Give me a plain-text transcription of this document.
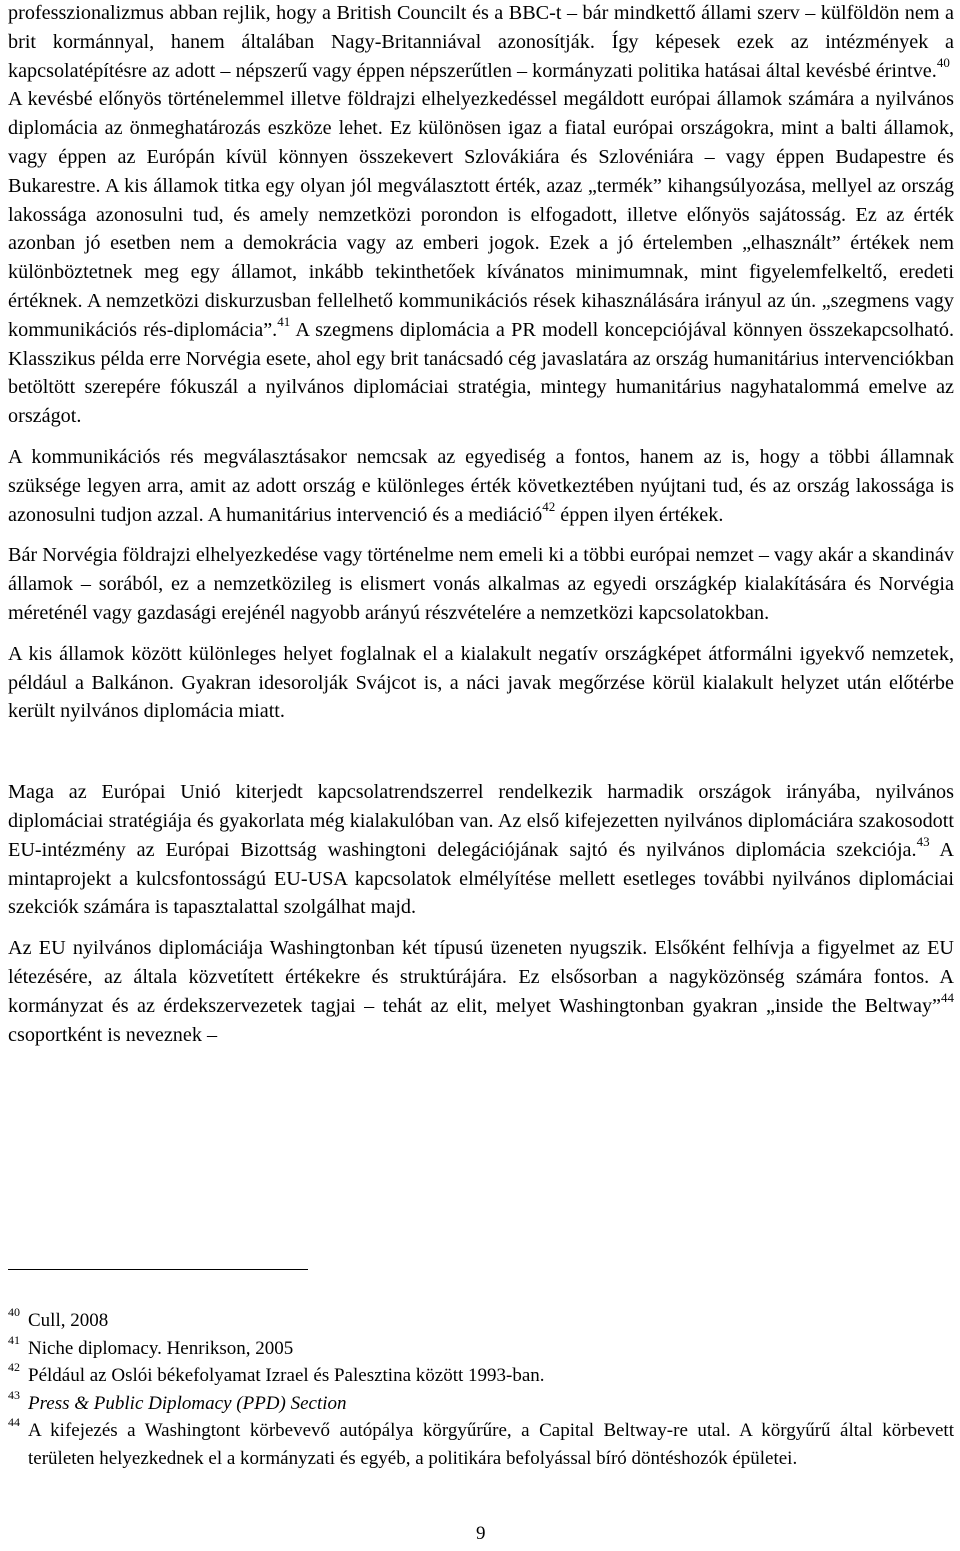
professzionalizmus abban rejlik, hogy a British Councilt és a BBC-t – bár mindkettő állami szerv – külföldön nem a brit kormánnyal, hanem általában Nagy-Britanniával azonosítják. Így képesek ezek az intézmények a kapcsolatépítésre az adott – népszerű vagy éppen népszerűtlen – kormányzati politika hatásai által kevésbé érintve.$^{40}$

A kevésbé előnyös történelemmel illetve földrajzi elhelyezkedéssel megáldott európai államok számára a nyilvános diplomácia az önmeghatározás eszköze lehet. Ez különösen igaz a fiatal európai országokra, mint a balti államok, vagy éppen az Európán kívül könnyen összekevert Szlovákiára és Szlovéniára – vagy éppen Budapestre és Bukarestre. A kis államok titka egy olyan jól megválasztott érték, azaz „termék” kihangsúlyozása, mellyel az ország lakossága azonosulni tud, és amely nemzetközi porondon is elfogadott, illetve előnyös sajátosság. Ez az érték azonban jó esetben nem a demokrácia vagy az emberi jogok. Ezek a jó értelemben „elhasznált” értékek nem különböztetnek meg egy államot, inkább tekinthetőek kívánatos minimumnak, mint figyelemfelkeltő, eredeti értéknek. A nemzetközi diskurzusban fellelhető kommunikációs rések kihasználására irányul az ún. „szegmens vagy kommunikációs rés-diplomácia”.$^{41}$ A szegmens diplomácia a PR modell koncepciójával könnyen összekapcsolható. Klasszikus példa erre Norvégia esete, ahol egy brit tanácsadó cég javaslatára az ország humanitárius intervenciókban betöltött szerepére fókuszál a nyilvános diplomáciai stratégia, mintegy humanitárius nagyhatalommá emelve az országot.

A kommunikációs rés megválasztásakor nemcsak az egyediség a fontos, hanem az is, hogy a többi államnak szüksége legyen arra, amit az adott ország e különleges érték következtében nyújtani tud, és az ország lakossága is azonosulni tudjon azzal. A humanitárius intervenció és a mediáció$^{42}$ éppen ilyen értékek.

Bár Norvégia földrajzi elhelyezkedése vagy történelme nem emeli ki a többi európai nemzet – vagy akár a skandináv államok – sorából, ez a nemzetközileg is elismert vonás alkalmas az egyedi országkép kialakítására és Norvégia méreténél vagy gazdasági erejénél nagyobb arányú részvételére a nemzetközi kapcsolatokban.

A kis államok között különleges helyet foglalnak el a kialakult negatív országképet átformálni igyekvő nemzetek, például a Balkánon. Gyakran idesorolják Svájcot is, a náci javak megőrzése körül kialakult helyzet után előtérbe került nyilvános diplomácia miatt.

Maga az Európai Unió kiterjedt kapcsolatrendszerrel rendelkezik harmadik országok irányába, nyilvános diplomáciai stratégiája és gyakorlata még kialakulóban van. Az első kifejezetten nyilvános diplomáciára szakosodott EU-intézmény az Európai Bizottság washingtoni delegációjának sajtó és nyilvános diplomácia szekciója.$^{43}$ A mintaprojekt a kulcsfontosságú EU-USA kapcsolatok elmélyítése mellett esetleges további nyilvános diplomáciai szekciók számára is tapasztalattal szolgálhat majd.

Az EU nyilvános diplomáciája Washingtonban két típusú üzeneten nyugszik. Elsőként felhívja a figyelmet az EU létezésére, az általa közvetített értékekre és struktúrájára. Ez elsősorban a nagyközönség számára fontos. A kormányzat és az érdekszervezetek tagjai – tehát az elit, melyet Washingtonban gyakran „inside the Beltway”$^{44}$ csoportként is neveznek –

40 Cull, 2008
41 Niche diplomacy. Henrikson, 2005
42 Például az Oslói békefolyamat Izrael és Palesztina között 1993-ban.
43 Press & Public Diplomacy (PPD) Section
44 A kifejezés a Washingtont körbevevő autópálya körgyűrűre, a Capital Beltway-re utal. A körgyűrű által körbevett területen helyezkednek el a kormányzati és egyéb, a politikára befolyással bíró döntéshozók épületei.
9
